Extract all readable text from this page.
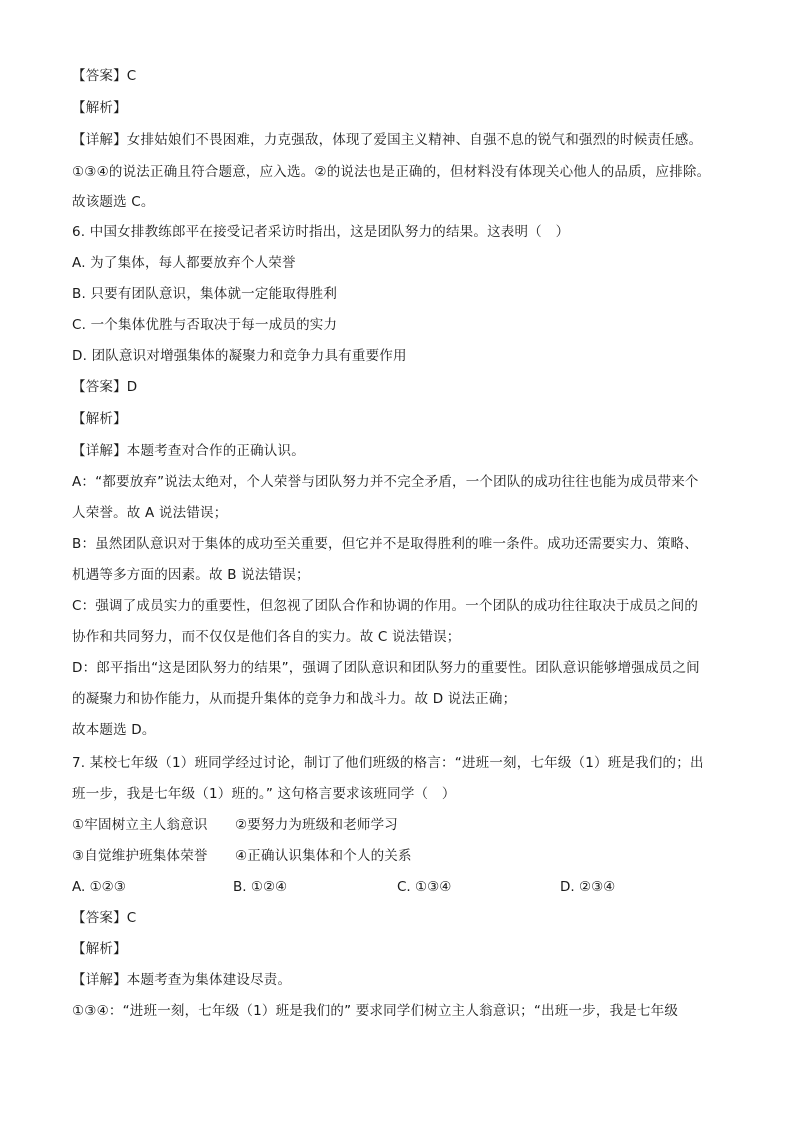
【答案】C
【解析】
【详解】女排姑娘们不畏困难，力克强敌，体现了爱国主义精神、自强不息的锐气和强烈的时候责任感。
①③④的说法正确且符合题意，应入选。②的说法也是正确的，但材料没有体现关心他人的品质，应排除。
故该题选 C。
6. 中国女排教练郎平在接受记者采访时指出，这是团队努力的结果。这表明（　）
A. 为了集体，每人都要放弃个人荣誉
B. 只要有团队意识，集体就一定能取得胜利
C. 一个集体优胜与否取决于每一成员的实力
D. 团队意识对增强集体的凝聚力和竞争力具有重要作用
【答案】D
【解析】
【详解】本题考查对合作的正确认识。
A：“都要放弃”说法太绝对，个人荣誉与团队努力并不完全矛盾，一个团队的成功往往也能为成员带来个
人荣誉。故 A 说法错误；
B：虽然团队意识对于集体的成功至关重要，但它并不是取得胜利的唯一条件。成功还需要实力、策略、
机遇等多方面的因素。故 B 说法错误；
C：强调了成员实力的重要性，但忽视了团队合作和协调的作用。一个团队的成功往往取决于成员之间的
协作和共同努力，而不仅仅是他们各自的实力。故 C 说法错误；
D：郎平指出“这是团队努力的结果”，强调了团队意识和团队努力的重要性。团队意识能够增强成员之间
的凝聚力和协作能力，从而提升集体的竞争力和战斗力。故 D 说法正确；
故本题选 D。
7. 某校七年级（1）班同学经过讨论，制订了他们班级的格言：“进班一刻，七年级（1）班是我们的；出
班一步，我是七年级（1）班的。” 这句格言要求该班同学（　）
①牢固树立主人翁意识　　②要努力为班级和老师学习
③自觉维护班集体荣誉　　④正确认识集体和个人的关系
A. ①②③	B. ①②④	C. ①③④	D. ②③④
【答案】C
【解析】
【详解】本题考查为集体建设尽责。
①③④：“进班一刻，七年级（1）班是我们的” 要求同学们树立主人翁意识；“出班一步，我是七年级
